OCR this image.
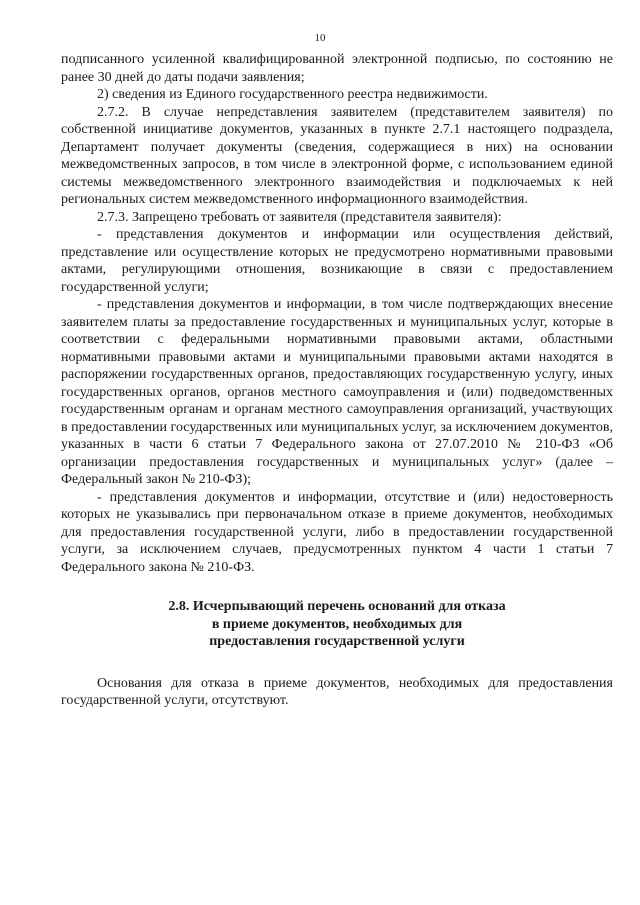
10

подписанного усиленной квалифицированной электронной подписью, по состоянию не ранее 30 дней до даты подачи заявления;

2) сведения из Единого государственного реестра недвижимости.

2.7.2. В случае непредставления заявителем (представителем заявителя) по собственной инициативе документов, указанных в пункте 2.7.1 настоящего подраздела, Департамент получает документы (сведения, содержащиеся в них) на основании межведомственных запросов, в том числе в электронной форме, с использованием единой системы межведомственного электронного взаимодействия и подключаемых к ней региональных систем межведомственного информационного взаимодействия.

2.7.3. Запрещено требовать от заявителя (представителя заявителя):

- представления документов и информации или осуществления действий, представление или осуществление которых не предусмотрено нормативными правовыми актами, регулирующими отношения, возникающие в связи с предоставлением государственной услуги;

- представления документов и информации, в том числе подтверждающих внесение заявителем платы за предоставление государственных и муниципальных услуг, которые в соответствии с федеральными нормативными правовыми актами, областными нормативными правовыми актами и муниципальными правовыми актами находятся в распоряжении государственных органов, предоставляющих государственную услугу, иных государственных органов, органов местного самоуправления и (или) подведомственных государственным органам и органам местного самоуправления организаций, участвующих в предоставлении государственных или муниципальных услуг, за исключением документов, указанных в части 6 статьи 7 Федерального закона от 27.07.2010 № 210-ФЗ «Об организации предоставления государственных и муниципальных услуг» (далее – Федеральный закон № 210-ФЗ);

- представления документов и информации, отсутствие и (или) недостоверность которых не указывались при первоначальном отказе в приеме документов, необходимых для предоставления государственной услуги, либо в предоставлении государственной услуги, за исключением случаев, предусмотренных пунктом 4 части 1 статьи 7 Федерального закона № 210-ФЗ.

2.8. Исчерпывающий перечень оснований для отказа
в приеме документов, необходимых для
предоставления государственной услуги

Основания для отказа в приеме документов, необходимых для предоставления государственной услуги, отсутствуют.
